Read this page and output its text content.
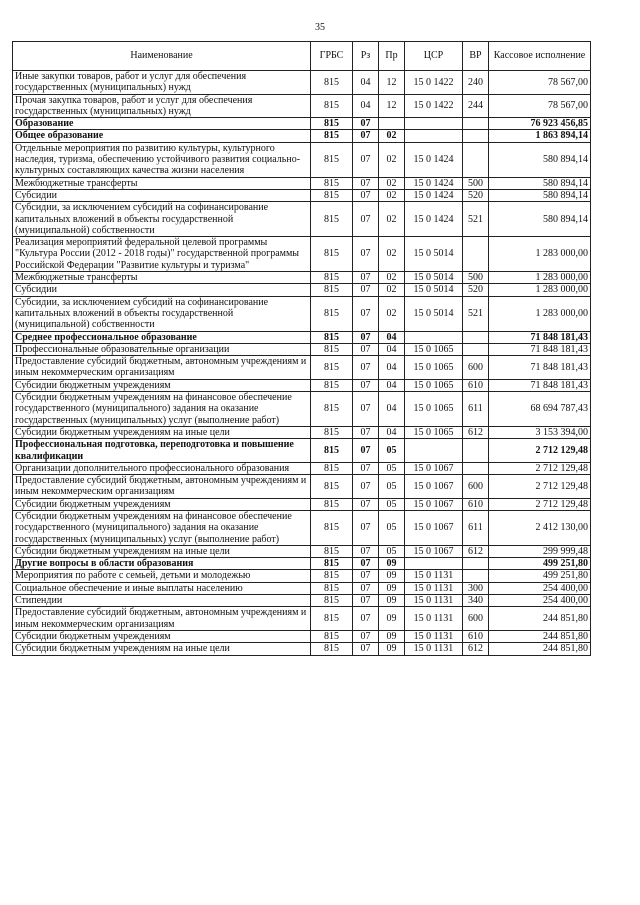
35
Наименование	ГРБС	Рз	Пр	ЦСР	ВР	Кассовое исполнение
Иные закупки товаров, работ и услуг для обеспечения государственных (муниципальных) нужд	815	04	12	15 0 1422	240	78 567,00
Прочая закупка товаров, работ и услуг для обеспечения государственных (муниципальных) нужд	815	04	12	15 0 1422	244	78 567,00
Образование	815	07				76 923 456,85
Общее образование	815	07	02			1 863 894,14
Отдельные мероприятия по развитию культуры, культурного наследия, туризма, обеспечению устойчивого развития социально-культурных составляющих качества жизни населения	815	07	02	15 0 1424		580 894,14
Межбюджетные трансферты	815	07	02	15 0 1424	500	580 894,14
Субсидии	815	07	02	15 0 1424	520	580 894,14
Субсидии, за исключением субсидий на софинансирование капитальных вложений в объекты государственной (муниципальной) собственности	815	07	02	15 0 1424	521	580 894,14
Реализация мероприятий федеральной целевой программы "Культура России (2012 - 2018 годы)" государственной программы Российской Федерации "Развитие культуры и туризма"	815	07	02	15 0 5014		1 283 000,00
Межбюджетные трансферты	815	07	02	15 0 5014	500	1 283 000,00
Субсидии	815	07	02	15 0 5014	520	1 283 000,00
Субсидии, за исключением субсидий на софинансирование капитальных вложений в объекты государственной (муниципальной) собственности	815	07	02	15 0 5014	521	1 283 000,00
Среднее профессиональное образование	815	07	04			71 848 181,43
Профессиональные образовательные организации	815	07	04	15 0 1065		71 848 181,43
Предоставление субсидий бюджетным, автономным учреждениям и иным некоммерческим организациям	815	07	04	15 0 1065	600	71 848 181,43
Субсидии бюджетным учреждениям	815	07	04	15 0 1065	610	71 848 181,43
Субсидии бюджетным учреждениям на финансовое обеспечение государственного (муниципального) задания на оказание государственных (муниципальных) услуг (выполнение работ)	815	07	04	15 0 1065	611	68 694 787,43
Субсидии бюджетным учреждениям на иные цели	815	07	04	15 0 1065	612	3 153 394,00
Профессиональная подготовка, переподготовка и повышение квалификации	815	07	05			2 712 129,48
Организации дополнительного профессионального образования	815	07	05	15 0 1067		2 712 129,48
Предоставление субсидий бюджетным, автономным учреждениям и иным некоммерческим организациям	815	07	05	15 0 1067	600	2 712 129,48
Субсидии бюджетным учреждениям	815	07	05	15 0 1067	610	2 712 129,48
Субсидии бюджетным учреждениям на финансовое обеспечение государственного (муниципального) задания на оказание государственных (муниципальных) услуг (выполнение работ)	815	07	05	15 0 1067	611	2 412 130,00
Субсидии бюджетным учреждениям на иные цели	815	07	05	15 0 1067	612	299 999,48
Другие вопросы в области образования	815	07	09			499 251,80
Мероприятия по работе с семьей, детьми и молодежью	815	07	09	15 0 1131		499 251,80
Социальное обеспечение и иные выплаты населению	815	07	09	15 0 1131	300	254 400,00
Стипендии	815	07	09	15 0 1131	340	254 400,00
Предоставление субсидий бюджетным, автономным учреждениям и иным некоммерческим организациям	815	07	09	15 0 1131	600	244 851,80
Субсидии бюджетным учреждениям	815	07	09	15 0 1131	610	244 851,80
Субсидии бюджетным учреждениям на иные цели	815	07	09	15 0 1131	612	244 851,80
